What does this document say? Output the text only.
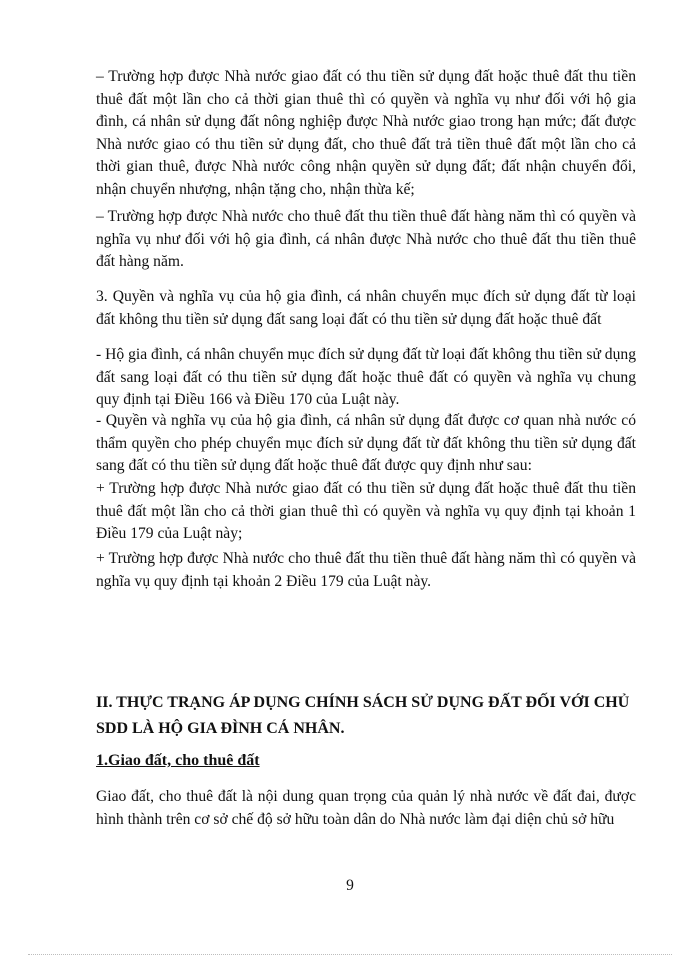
– Trường hợp được Nhà nước giao đất có thu tiền sử dụng đất hoặc thuê đất thu tiền thuê đất một lần cho cả thời gian thuê thì có quyền và nghĩa vụ như đối với hộ gia đình, cá nhân sử dụng đất nông nghiệp được Nhà nước giao trong hạn mức; đất được Nhà nước giao có thu tiền sử dụng đất, cho thuê đất trả tiền thuê đất một lần cho cả thời gian thuê, được Nhà nước công nhận quyền sử dụng đất; đất nhận chuyển đổi, nhận chuyển nhượng, nhận tặng cho, nhận thừa kế;

– Trường hợp được Nhà nước cho thuê đất thu tiền thuê đất hàng năm thì có quyền và nghĩa vụ như đối với hộ gia đình, cá nhân được Nhà nước cho thuê đất thu tiền thuê đất hàng năm.

3. Quyền và nghĩa vụ của hộ gia đình, cá nhân chuyển mục đích sử dụng đất từ loại đất không thu tiền sử dụng đất sang loại đất có thu tiền sử dụng đất hoặc thuê đất

- Hộ gia đình, cá nhân chuyển mục đích sử dụng đất từ loại đất không thu tiền sử dụng đất sang loại đất có thu tiền sử dụng đất hoặc thuê đất có quyền và nghĩa vụ chung quy định tại Điều 166 và Điều 170 của Luật này.

- Quyền và nghĩa vụ của hộ gia đình, cá nhân sử dụng đất được cơ quan nhà nước có thẩm quyền cho phép chuyển mục đích sử dụng đất từ đất không thu tiền sử dụng đất sang đất có thu tiền sử dụng đất hoặc thuê đất được quy định như sau:

+ Trường hợp được Nhà nước giao đất có thu tiền sử dụng đất hoặc thuê đất thu tiền thuê đất một lần cho cả thời gian thuê thì có quyền và nghĩa vụ quy định tại khoản 1 Điều 179 của Luật này;

+ Trường hợp được Nhà nước cho thuê đất thu tiền thuê đất hàng năm thì có quyền và nghĩa vụ quy định tại khoản 2 Điều 179 của Luật này.

II. THỰC TRẠNG ÁP DỤNG CHÍNH SÁCH SỬ DỤNG ĐẤT ĐỐI VỚI CHỦ SDD LÀ HỘ GIA ĐÌNH CÁ NHÂN.
1.Giao đất, cho thuê đất

Giao đất, cho thuê đất là nội dung quan trọng của quản lý nhà nước về đất đai, được hình thành trên cơ sở chế độ sở hữu toàn dân do Nhà nước làm đại diện chủ sở hữu

9
